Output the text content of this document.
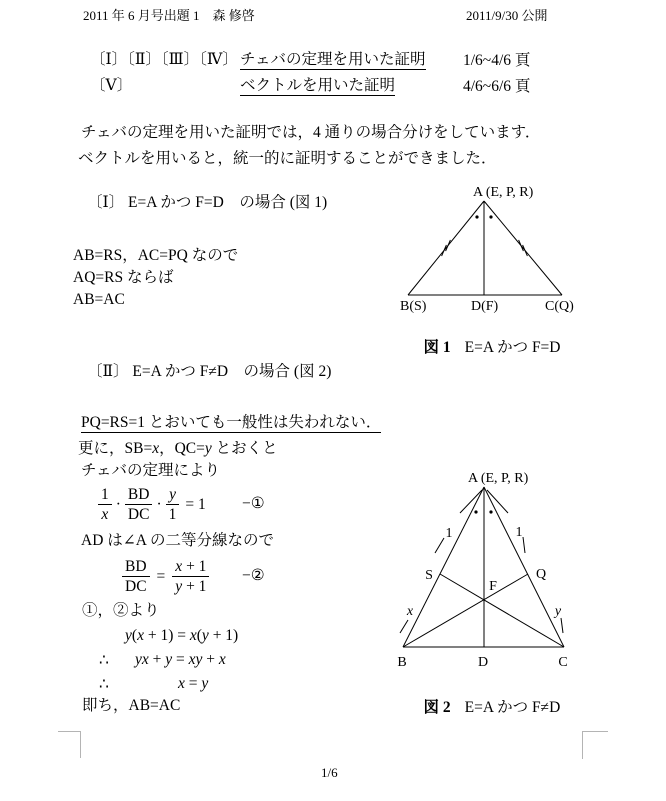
2011 年 6 月号出題 1　森 修啓	2011/9/30 公開
〔Ⅰ〕〔Ⅱ〕〔Ⅲ〕〔Ⅳ〕 チェバの定理を用いた証明 1/6~4/6 頁
〔Ⅴ〕	ベクトルを用いた証明	4/6~6/6 頁
チェバの定理を用いた証明では，4 通りの場合分けをしています．
ベクトルを用いると，統一的に証明することができました．
〔Ⅰ〕 E=A かつ F=D　の場合 (図 1)
AB=RS，AC=PQ なので
AQ=RS ならば
AB=AC
A (E, P, R)
B(S)	D(F)	C(Q)

図 1 E=A かつ F=D

〔Ⅱ〕 E=A かつ F≠D　の場合 (図 2)
PQ=RS=1 とおいても一般性は失われない．
更に，SB=x，QC=y とおくと
チェバの定理により
$\frac{1}{x} \cdot \frac{BD}{DC} \cdot \frac{y}{1} = 1$ −①
AD は∠A の二等分線なので
$\frac{BD}{DC} = \frac{x + 1}{y + 1}$ −②
①，②より
y(x + 1) = x(y + 1)
∴ yx + y = xy + x
∴	x = y
即ち，AB=AC
A (E, P, R)
1	1
x	y
S	Q
F
B	D	C

図 2 E=A かつ F≠D

1/6
